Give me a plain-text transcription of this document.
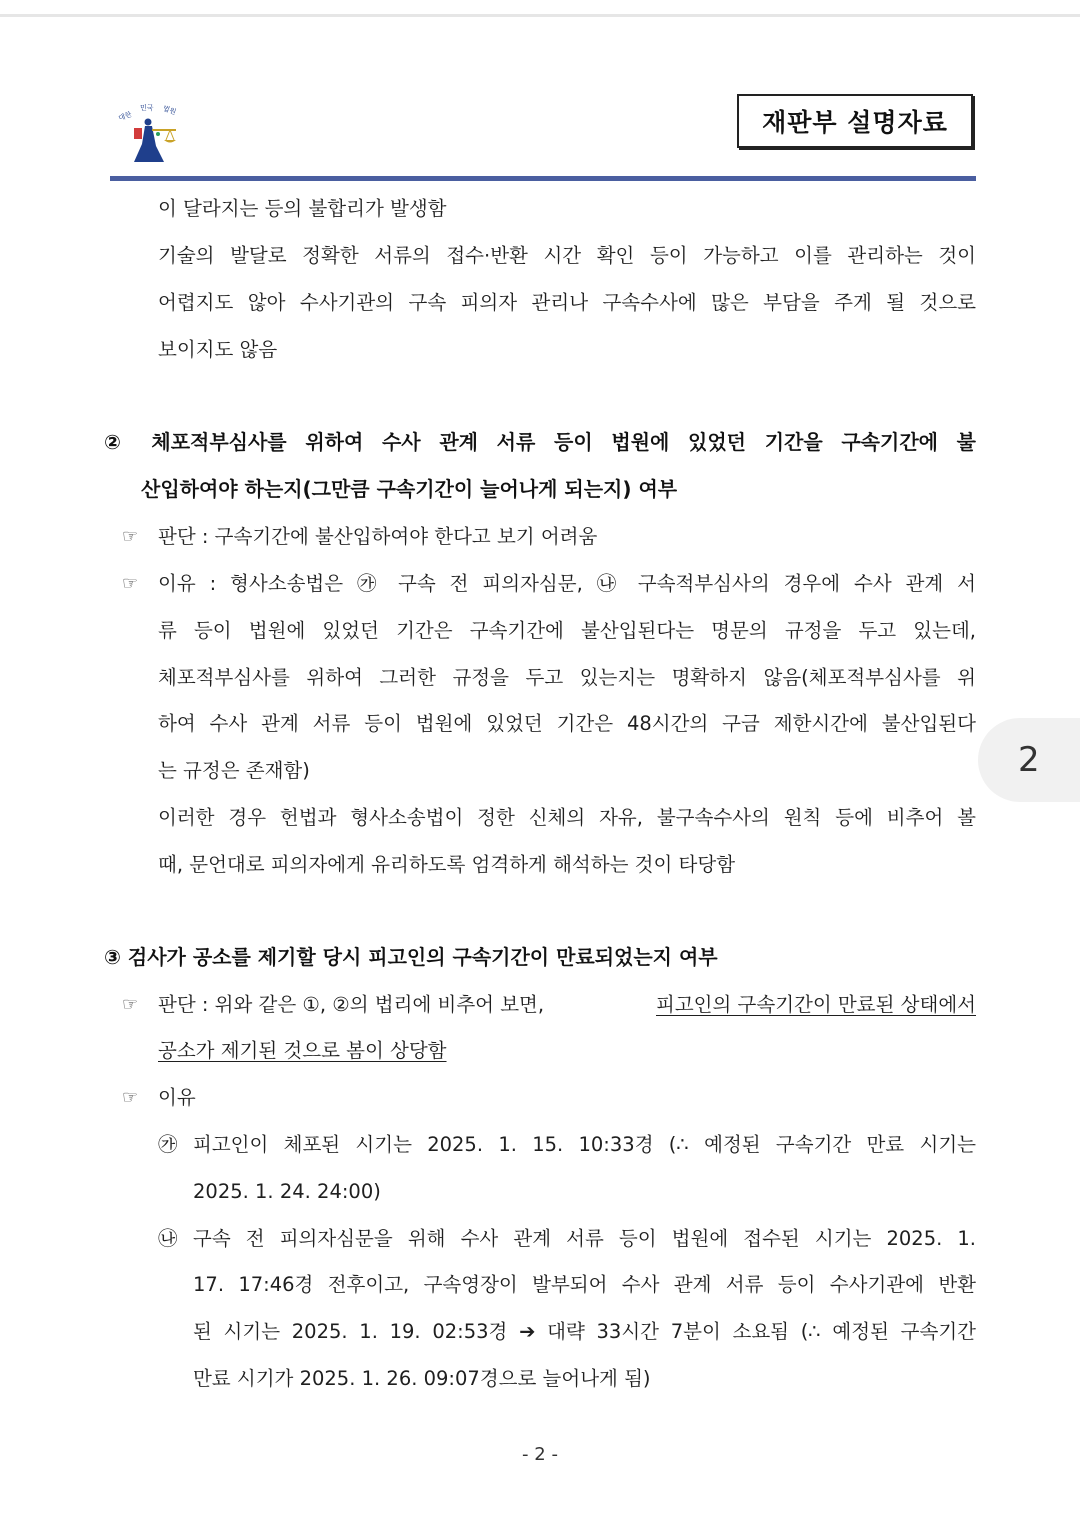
대한
민국 법원	재판부 설명자료
이 달라지는 등의 불합리가 발생함
기술의 발달로 정확한 서류의 접수·반환 시간 확인 등이 가능하고 이를 관리하는 것이
어렵지도 않아 수사기관의 구속 피의자 관리나 구속수사에 많은 부담을 주게 될 것으로
보이지도 않음
② 체포적부심사를 위하여 수사 관계 서류 등이 법원에 있었던 기간을 구속기간에 불
산입하여야 하는지(그만큼 구속기간이 늘어나게 되는지) 여부
☞ 판단 : 구속기간에 불산입하여야 한다고 보기 어려움
☞ 이유 : 형사소송법은 ㉮ 구속 전 피의자심문, ㉯ 구속적부심사의 경우에 수사 관계 서
류 등이 법원에 있었던 기간은 구속기간에 불산입된다는 명문의 규정을 두고 있는데,
체포적부심사를 위하여 그러한 규정을 두고 있는지는 명확하지 않음(체포적부심사를 위
하여 수사 관계 서류 등이 법원에 있었던 기간은 48시간의 구금 제한시간에 불산입된다
는 규정은 존재함)
이러한 경우 헌법과 형사소송법이 정한 신체의 자유, 불구속수사의 원칙 등에 비추어 볼
때, 문언대로 피의자에게 유리하도록 엄격하게 해석하는 것이 타당함
③ 검사가 공소를 제기할 당시 피고인의 구속기간이 만료되었는지 여부
☞ 판단 : 위와 같은 ①, ②의 법리에 비추어 보면,	피고인의 구속기간이 만료된 상태에서
공소가 제기된 것으로 봄이 상당함
☞ 이유
㉮ 피고인이 체포된 시기는 2025. 1. 15. 10:33경 (∴ 예정된 구속기간 만료 시기는
2025. 1. 24. 24:00)
㉯ 구속 전 피의자심문을 위해 수사 관계 서류 등이 법원에 접수된 시기는 2025. 1.
17. 17:46경 전후이고, 구속영장이 발부되어 수사 관계 서류 등이 수사기관에 반환
된 시기는 2025. 1. 19. 02:53경 ➔ 대략 33시간 7분이 소요됨 (∴ 예정된 구속기간
만료 시기가 2025. 1. 26. 09:07경으로 늘어나게 됨)
2
- 2 -
